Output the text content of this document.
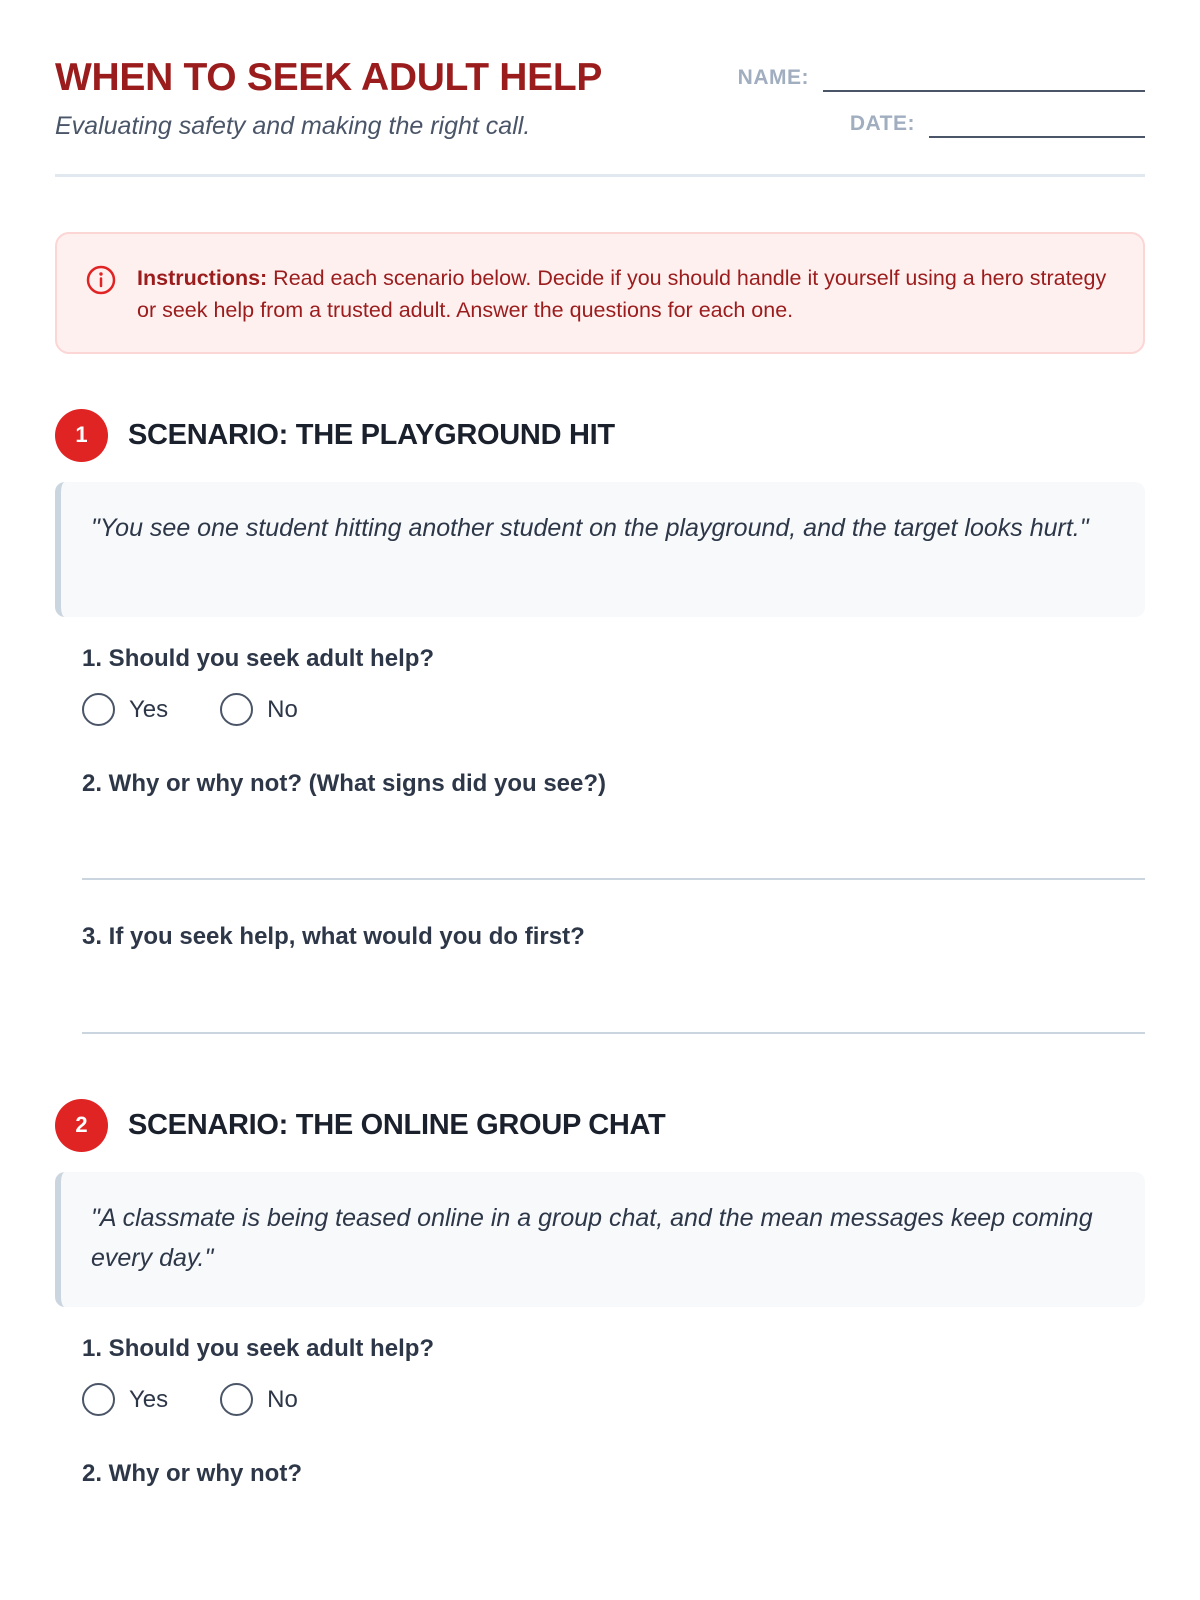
WHEN TO SEEK ADULT HELP
Evaluating safety and making the right call.
NAME:
DATE:
Instructions: Read each scenario below. Decide if you should handle it yourself using a hero strategy or seek help from a trusted adult. Answer the questions for each one.
1	SCENARIO: THE PLAYGROUND HIT
"You see one student hitting another student on the playground, and the target looks hurt."
1. Should you seek adult help?
Yes	No
2. Why or why not? (What signs did you see?)
3. If you seek help, what would you do first?
2	SCENARIO: THE ONLINE GROUP CHAT
"A classmate is being teased online in a group chat, and the mean messages keep coming every day."
1. Should you seek adult help?
Yes	No
2. Why or why not?
